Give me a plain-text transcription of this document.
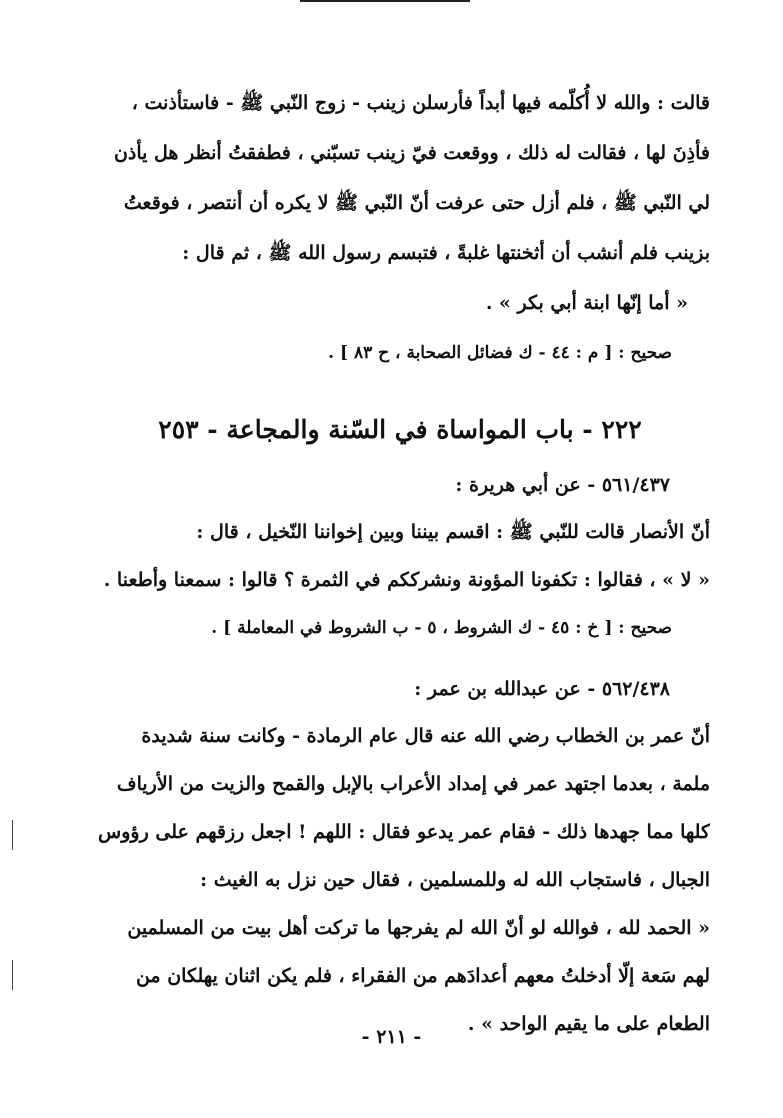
قالت : والله لا أُكلّمه فيها أبداً فأرسلن زينب - زوج النّبي ﷺ - فاستأذنت ،
فأذِنَ لها ، فقالت له ذلك ، ووقعت فيّ زينب تسبّني ، فطفقتُ أنظر هل يأذن
لي النّبي ﷺ ، فلم أزل حتى عرفت أنّ النّبي ﷺ لا يكره أن أنتصر ، فوقعتُ
بزينب فلم أنشب أن أثخنتها غلبةً ، فتبسم رسول الله ﷺ ، ثم قال :
« أما إنّها ابنة أبي بكر » .
صحيح : [ م : ٤٤ - ك فضائل الصحابة ، ح ٨٣ ] .
٢٢٢ - باب المواساة في السّنة والمجاعة - ٢٥٣
٥٦١/٤٣٧ - عن أبي هريرة :
أنّ الأنصار قالت للنّبي ﷺ : اقسم بيننا وبين إخواننا النّخيل ، قال :
« لا » ، فقالوا : تكفونا المؤونة ونشرككم في الثمرة ؟ قالوا : سمعنا وأطعنا .
صحيح : [ خ : ٤٥ - ك الشروط ، ٥ - ب الشروط في المعاملة ] .
٥٦٢/٤٣٨ - عن عبدالله بن عمر :
أنّ عمر بن الخطاب رضي الله عنه قال عام الرمادة - وكانت سنة شديدة
ملمة ، بعدما اجتهد عمر في إمداد الأعراب بالإبل والقمح والزيت من الأرياف
كلها مما جهدها ذلك - فقام عمر يدعو فقال : اللهم ! اجعل رزقهم على رؤوس
الجبال ، فاستجاب الله له وللمسلمين ، فقال حين نزل به الغيث :
« الحمد لله ، فوالله لو أنّ الله لم يفرجها ما تركت أهل بيت من المسلمين
لهم سَعة إلّا أدخلتُ معهم أعدادَهم من الفقراء ، فلم يكن اثنان يهلكان من
الطعام على ما يقيم الواحد » .
- ٢١١ -
